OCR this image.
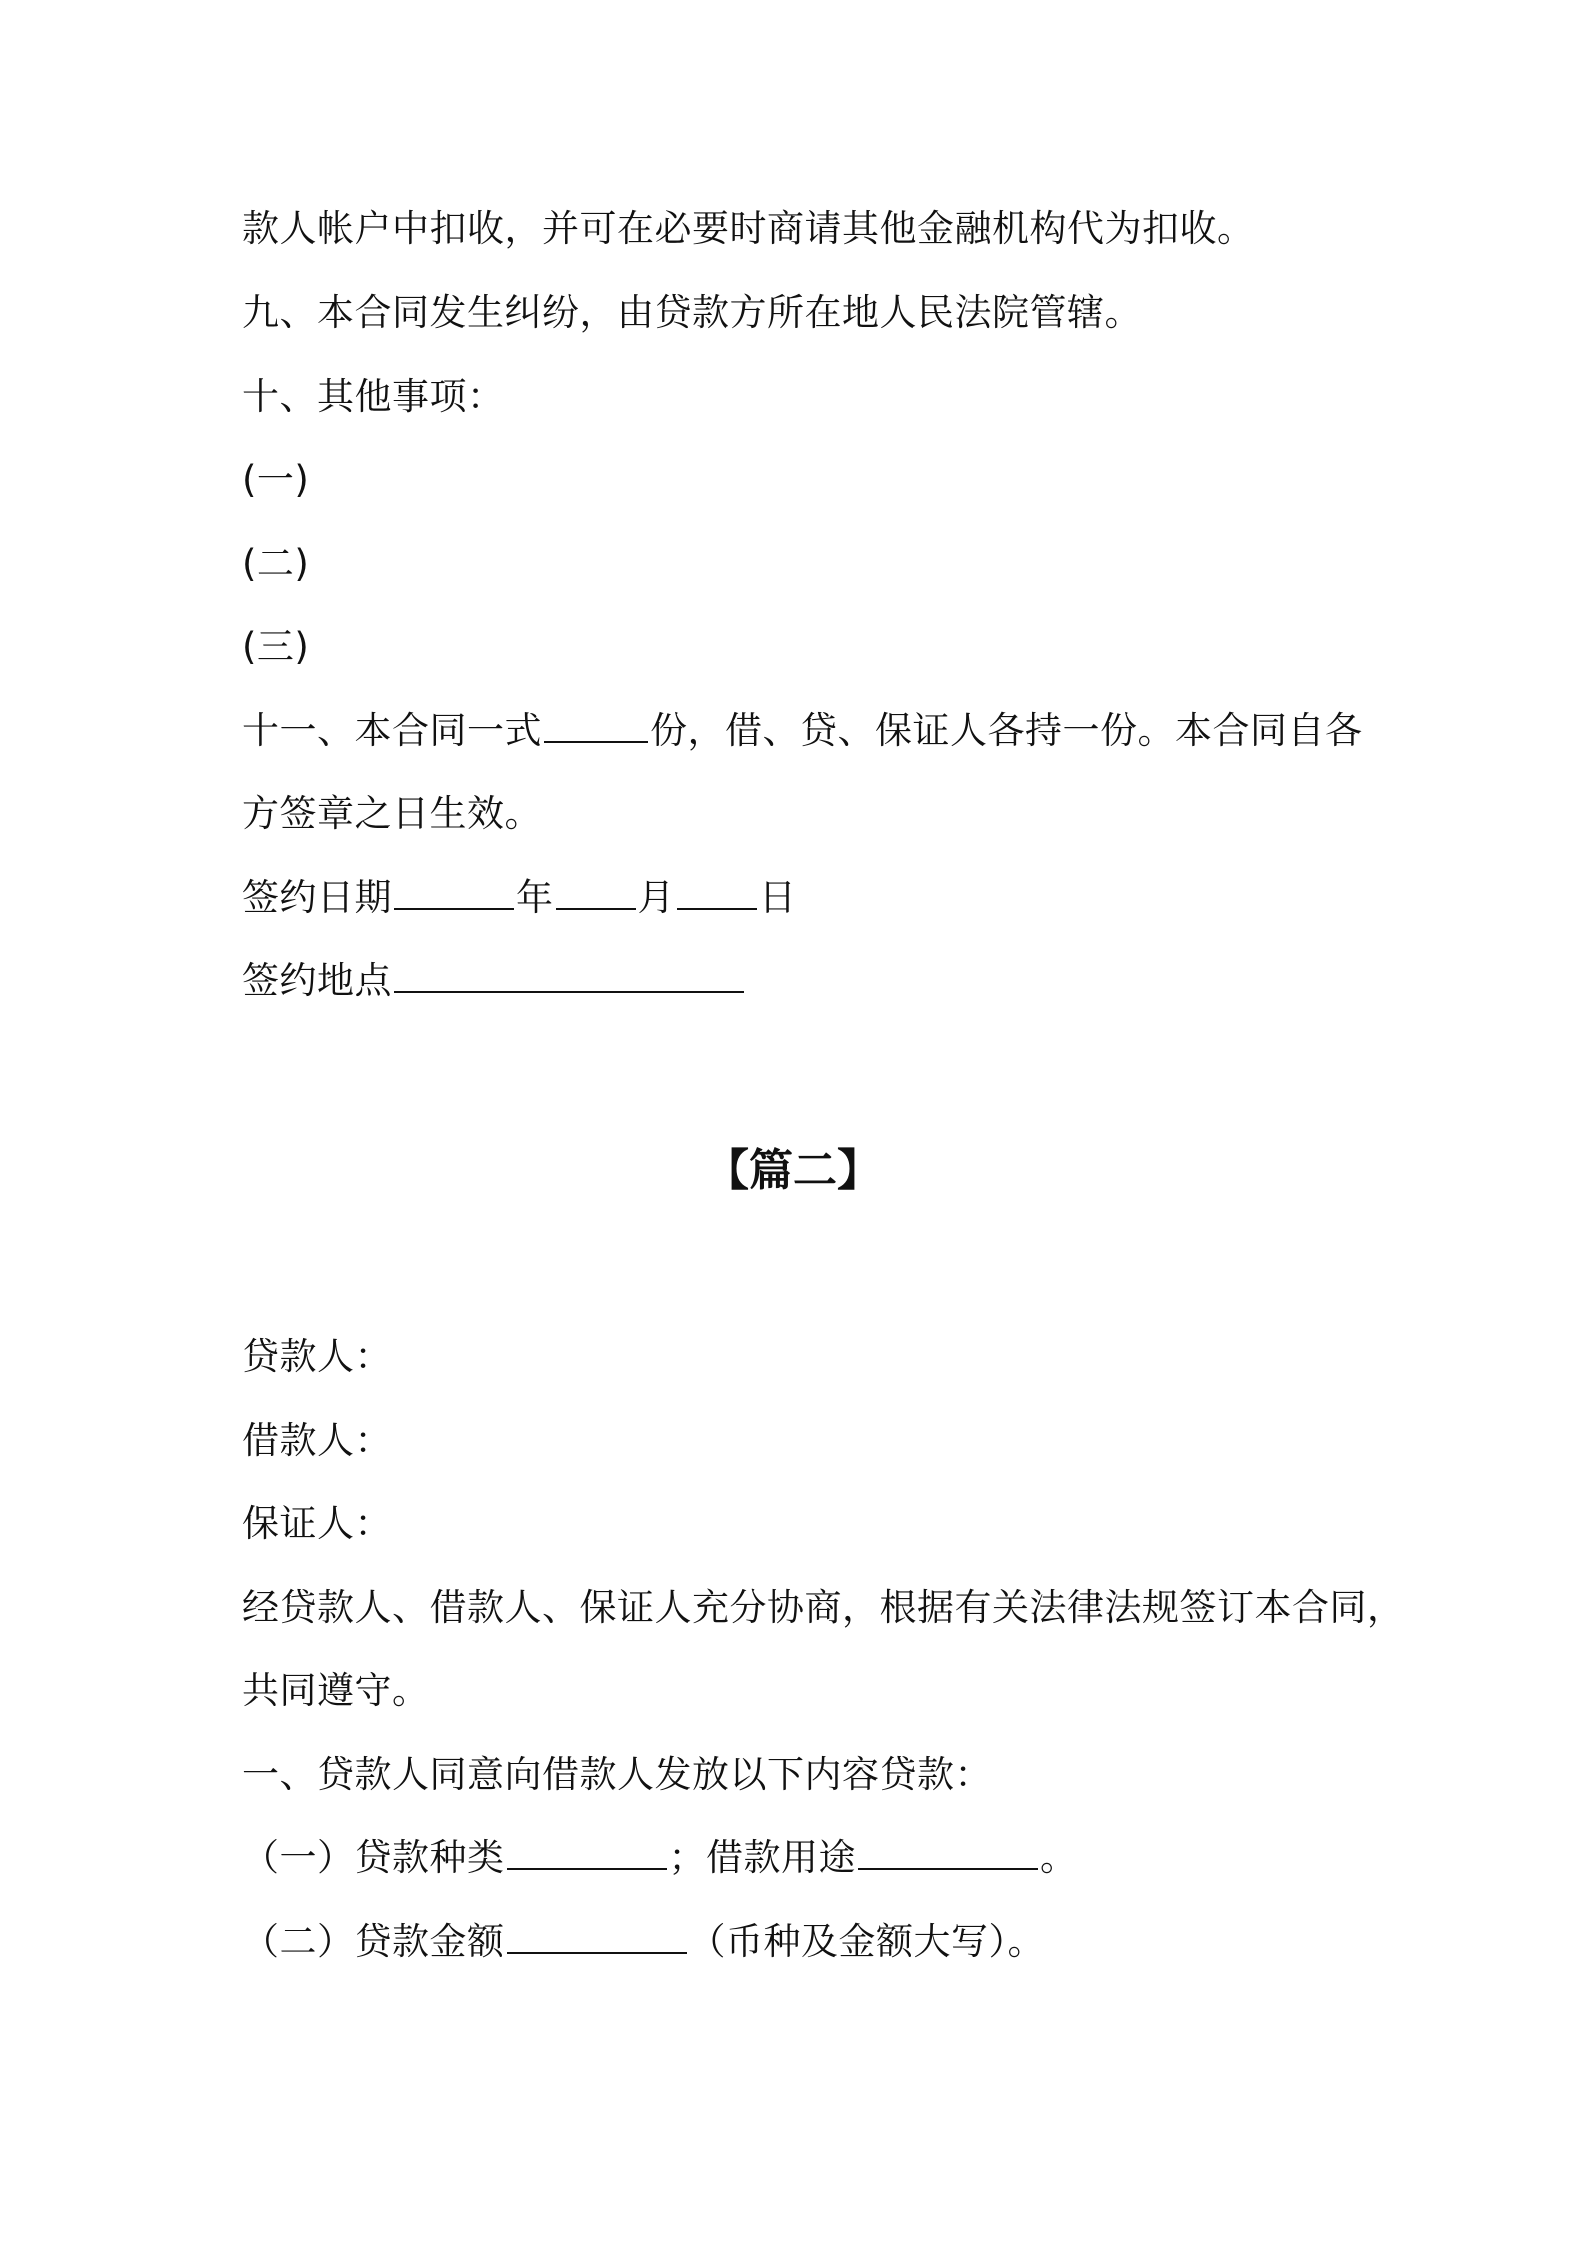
款人帐户中扣收，并可在必要时商请其他金融机构代为扣收。
九、本合同发生纠纷，由贷款方所在地人民法院管辖。
十、其他事项：
(一)
(二)
(三)
十一、本合同一式	份，借、贷、保证人各持一份。本合同自各
方签章之日生效。
签约日期	年 月 日
签约地点
【篇二】
贷款人：
借款人：
保证人：
经贷款人、借款人、保证人充分协商，根据有关法律法规签订本合同，
共同遵守。
一、贷款人同意向借款人发放以下内容贷款：
（一）贷款种类	；借款用途	。
（二）贷款金额	（币种及金额大写）。
